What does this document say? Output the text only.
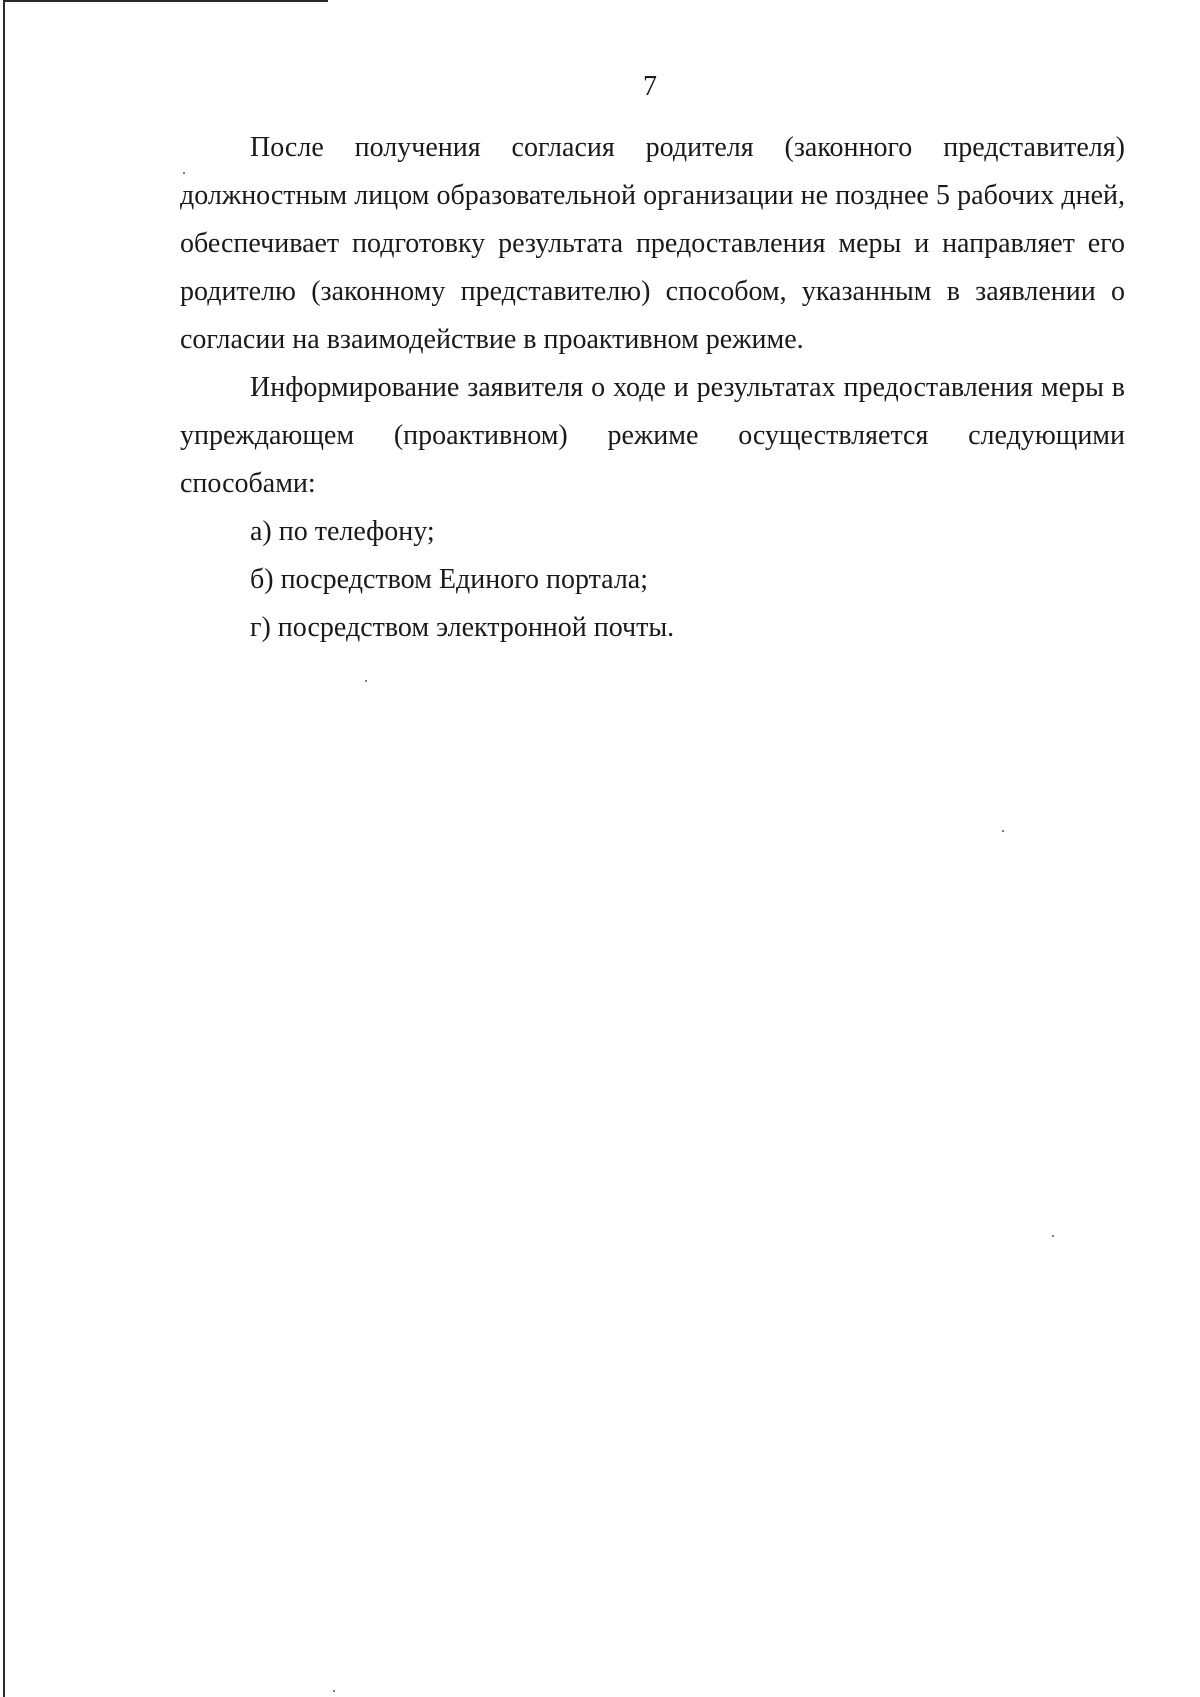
7

После получения согласия родителя (законного представителя) должностным лицом образовательной организации не позднее 5 рабочих дней, обеспечивает подготовку результата предоставления меры и направляет его родителю (законному представителю) способом, указанным в заявлении о согласии на взаимодействие в проактивном режиме.

Информирование заявителя о ходе и результатах предоставления меры в упреждающем (проактивном) режиме осуществляется следующими способами:

а) по телефону;

б) посредством Единого портала;

г) посредством электронной почты.
